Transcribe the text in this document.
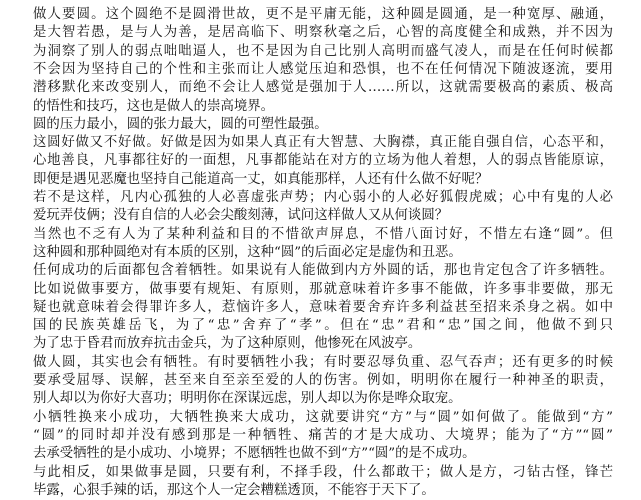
做人要圆。这个圆绝不是圆滑世故，更不是平庸无能，这种圆是圆通，是一种宽厚、融通，
是大智若愚，是与人为善，是居高临下、明察秋毫之后，心智的高度健全和成熟，并不因为
为洞察了别人的弱点咄咄逼人，也不是因为自己比别人高明而盛气凌人，而是在任何时候都
不会因为坚持自己的个性和主张而让人感觉压迫和恐惧，也不在任何情况下随波逐流，要用
潜移默化来改变别人，而绝不会让人感觉是强加于人……所以，这就需要极高的素质、极高
的悟性和技巧，这也是做人的崇高境界。
圆的压力最小，圆的张力最大，圆的可塑性最强。
这圆好做又不好做。好做是因为如果人真正有大智慧、大胸襟，真正能自强自信，心态平和，
心地善良，凡事都往好的一面想，凡事都能站在对方的立场为他人着想，人的弱点皆能原谅，
即便是遇见恶魔也坚持自己能道高一丈，如真能那样，人还有什么做不好呢？
若不是这样，凡内心孤独的人必喜虚张声势；内心弱小的人必好狐假虎威；心中有鬼的人必
爱玩弄伎俩；没有自信的人必会尖酸刻薄，试问这样做人又从何谈圆？
当然也不乏有人为了某种利益和目的不惜欲声屏息，不惜八面讨好，不惜左右逢“圆”。但
这种圆和那种圆绝对有本质的区别，这种“圆”的后面必定是虚伪和丑恶。
任何成功的后面都包含着牺牲。如果说有人能做到内方外圆的话，那也肯定包含了许多牺牲。
比如说做事要方，做事要有规矩、有原则，那就意味着许多事不能做，许多事非要做，那无
疑也就意味着会得罪许多人，惹恼许多人，意味着要舍弃许多利益甚至招来杀身之祸。如中
国的民族英雄岳飞，为了“忠”舍弃了“孝”。但在“忠”君和“忠”国之间，他做不到只
为了忠于昏君而放弃抗击金兵，为了这种原则，他惨死在风波亭。
做人圆，其实也会有牺牲。有时要牺牲小我；有时要忍辱负重、忍气吞声；还有更多的时候
要承受屈辱、误解，甚至来自至亲至爱的人的伤害。例如，明明你在履行一种神圣的职责，
别人却以为你好大喜功；明明你在深谋远虑，别人却以为你是哗众取宠。
小牺牲换来小成功，大牺牲换来大成功，这就要讲究“方”与“圆”如何做了。能做到“方”
“圆”的同时却并没有感到那是一种牺牲、痛苦的才是大成功、大境界；能为了“方”“圆”
去承受牺牲的是小成功、小境界；不愿牺牲也做不到“方”“圆”的是不成功。
与此相反，如果做事是圆，只要有利，不择手段，什么都敢干；做人是方，刁钻古怪，锋芒
毕露，心狠手辣的话，那这个人一定会糟糕透顶，不能容于天下了。
